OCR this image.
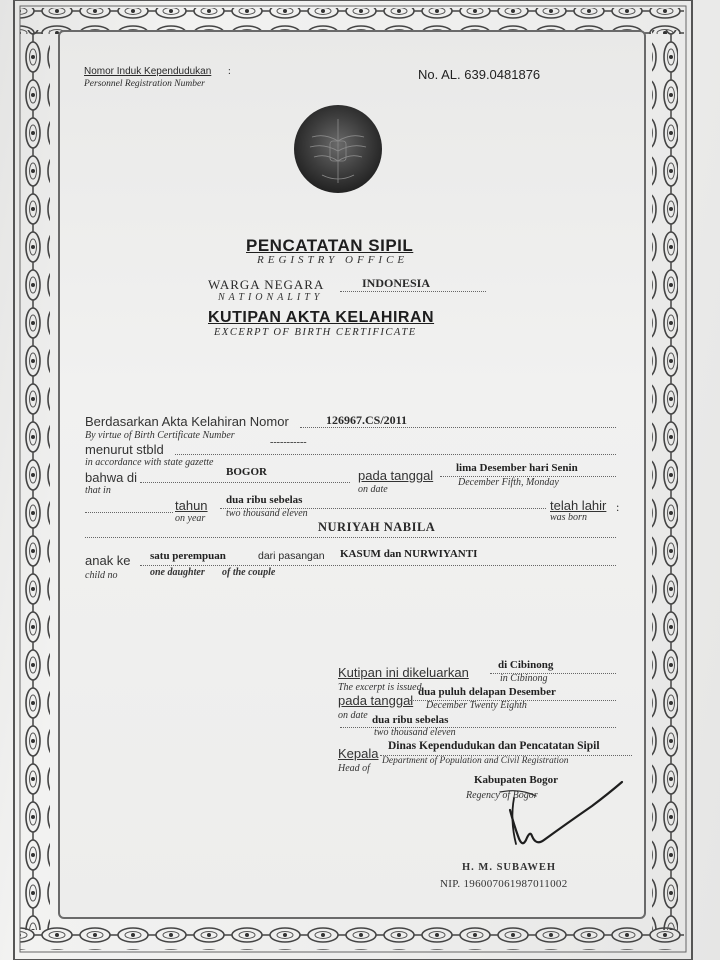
Nomor Induk Kependudukan :
Personnel Registration Number
No. AL. 639.0481876
PENCATATAN SIPIL
REGISTRY OFFICE
WARGA NEGARA	INDONESIA
NATIONALITY
KUTIPAN AKTA KELAHIRAN
EXCERPT OF BIRTH CERTIFICATE
Berdasarkan Akta Kelahiran Nomor	126967.CS/2011
By virtue of Birth Certificate Number
menurut stbld	-----------
in accordance with state gazette
bahwa di	BOGOR
that in
pada tanggal
on date
lima Desember hari Senin
December Fifth, Monday
tahun
on year
dua ribu sebelas
two thousand eleven
telah lahir
was born
:
NURIYAH NABILA
anak ke
child no
satu perempuan	dari pasangan KASUM dan NURWIYANTI
one daughter of the couple
Kutipan ini dikeluarkan
The excerpt is issued
di Cibinong
in Cibinong
pada tanggal
on date
dua puluh delapan Desember
December Twenty Eighth
dua ribu sebelas
two thousand eleven
Kepala
Head of
Dinas Kependudukan dan Pencatatan Sipil
Department of Population and Civil Registration
Kabupaten Bogor
Regency of Bogor
H. M. SUBAWEH
NIP. 196007061987011002
